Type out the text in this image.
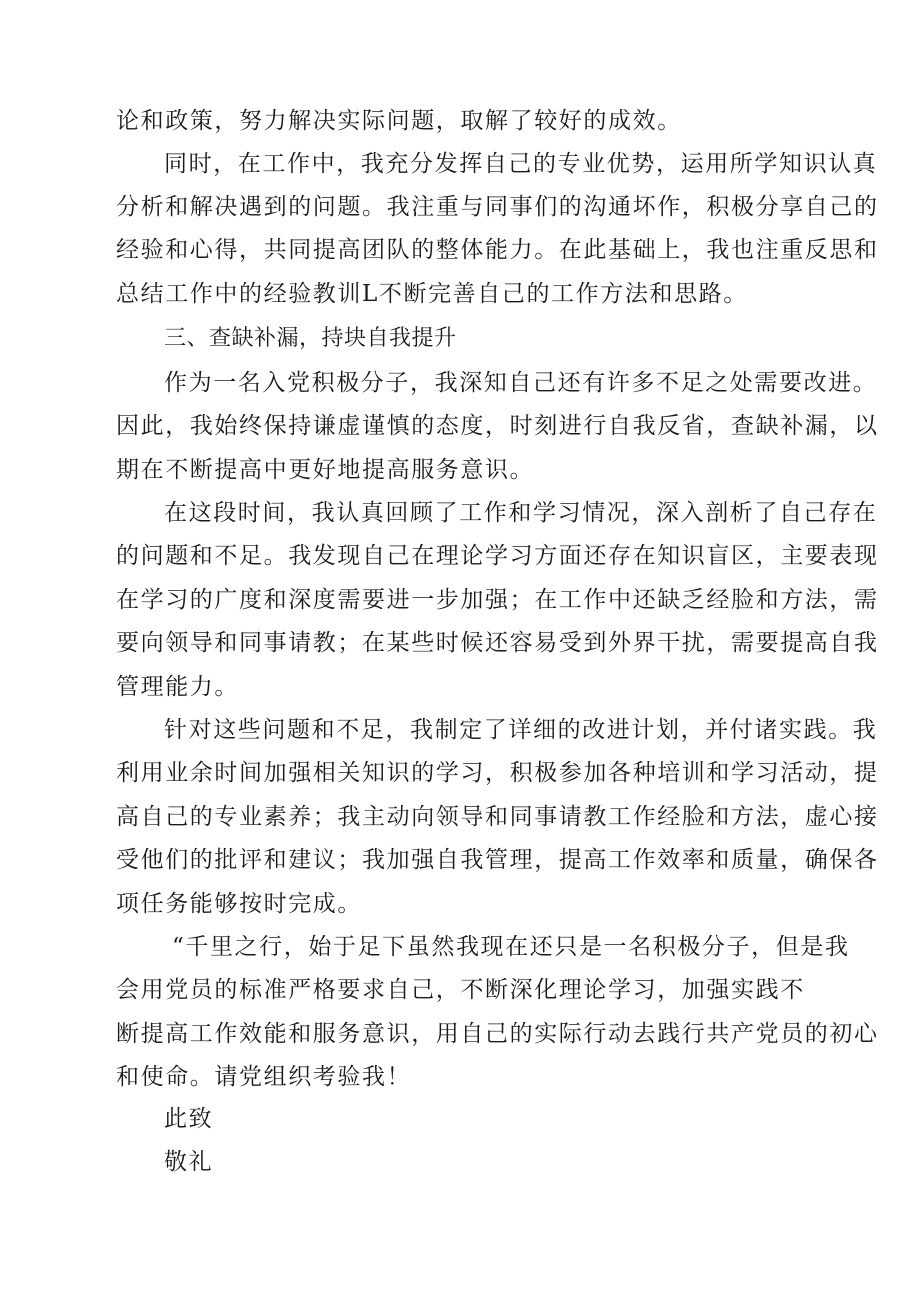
论和政策，努力解决实际问题，取解了较好的成效。
同时，在工作中，我充分发挥自己的专业优势，运用所学知识认真
分析和解决遇到的问题。我注重与同事们的沟通坏作，积极分享自己的
经验和心得，共同提高团队的整体能力。在此基础上，我也注重反思和
总结工作中的经验教训L不断完善自己的工作方法和思路。
三、查缺补漏，持块自我提升
作为一名入党积极分子，我深知自己还有许多不足之处需要改进。
因此，我始终保持谦虚谨慎的态度，时刻进行自我反省，查缺补漏，以
期在不断提高中更好地提高服务意识。
在这段时间，我认真回顾了工作和学习情况，深入剖析了自己存在
的问题和不足。我发现自己在理论学习方面还存在知识盲区，主要表现
在学习的广度和深度需要进一步加强；在工作中还缺乏经脸和方法，需
要向领导和同事请教；在某些时候还容易受到外界干扰，需要提高自我
管理能力。
针对这些问题和不足，我制定了详细的改进计划，并付诸实践。我
利用业余时间加强相关知识的学习，积极参加各种培训和学习活动，提
高自己的专业素养；我主动向领导和同事请教工作经脸和方法，虚心接
受他们的批评和建议；我加强自我管理，提高工作效率和质量，确保各
项任务能够按时完成。
“千里之行，始于足下虽然我现在还只是一名积极分子，但是我
会用党员的标准严格要求自己，不断深化理论学习，加强实践不
断提高工作效能和服务意识，用自己的实际行动去践行共产党员的初心
和使命。请党组织考验我！
此致
敬礼
